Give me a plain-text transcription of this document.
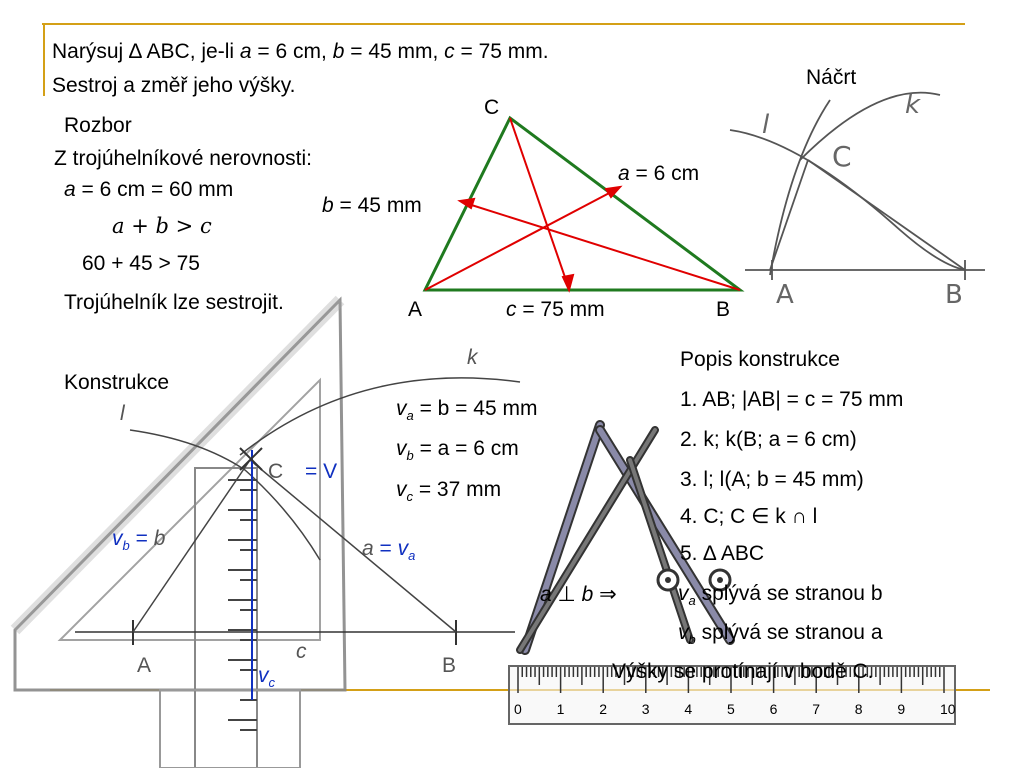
0 1 2 3 4 5 6 7 8 9 10
Narýsuj ∆ ABC, je-li a = 6 cm, b = 45 mm, c = 75 mm.
Sestroj a změř jeho výšky.	Náčrt
Rozbor
Z trojúhelníkové nerovnosti:
a = 6 cm = 60 mm
a + b > c
60 + 45 > 75
Trojúhelník lze sestrojit.
C
A	B
a = 6 cm
b = 45 mm
c = 75 mm
l
k
C
A	B
Konstrukce
k
l
C = V
$v_b = b$	$a = v_a$
c
A	B
$v_c$
$v_a = b = 45$ mm
$v_b = a = 6$ cm
$v_c = 37$ mm
Popis konstrukce
1. AB; |AB| = c = 75 mm
2. k; k(B; a = 6 cm)
3. l; l(A; b = 45 mm)
4. C; C ∈ k ∩ l
5. ∆ ABC
a ⊥ b ⇒	$v_a$ splývá se stranou b
$v_b$ splývá se stranou a
Výšky se protínají v bodě C.
